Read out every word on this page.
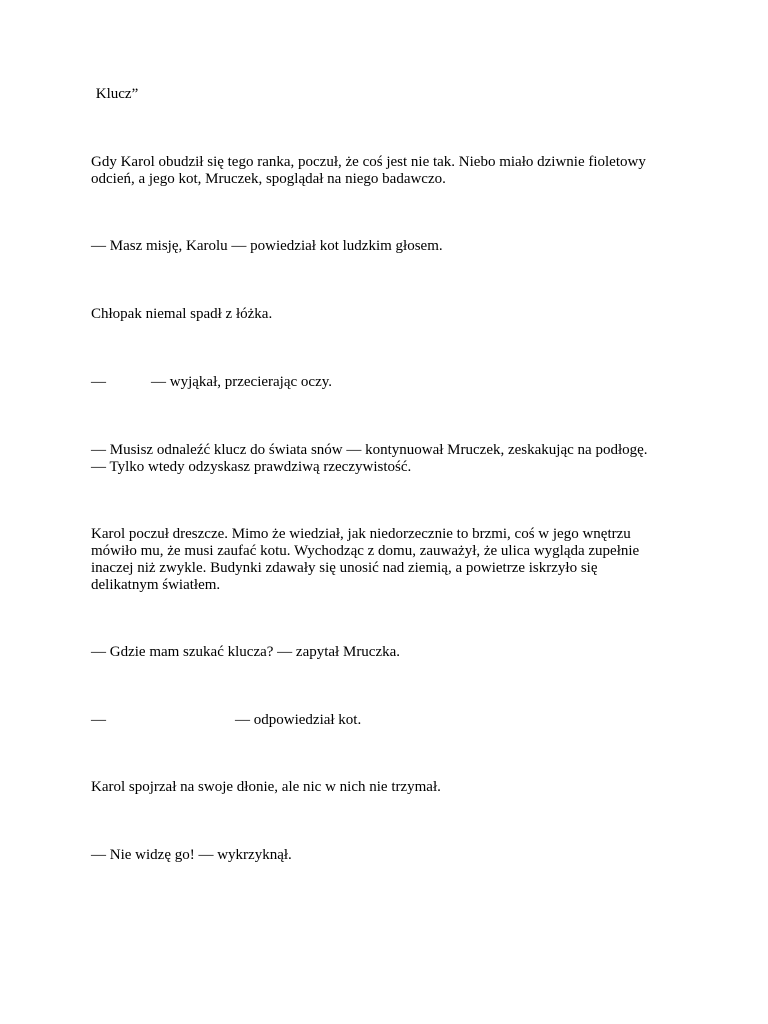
Klucz”

Gdy Karol obudził się tego ranka, poczuł, że coś jest nie tak. Niebo miało dziwnie fioletowy
odcień, a jego kot, Mruczek, spoglądał na niego badawczo.

— Masz misję, Karolu — powiedział kot ludzkim głosem.

Chłopak niemal spadł z łóżka.

—	— wyjąkał, przecierając oczy.

— Musisz odnaleźć klucz do świata snów — kontynuował Mruczek, zeskakując na podłogę.
— Tylko wtedy odzyskasz prawdziwą rzeczywistość.

Karol poczuł dreszcze. Mimo że wiedział, jak niedorzecznie to brzmi, coś w jego wnętrzu
mówiło mu, że musi zaufać kotu. Wychodząc z domu, zauważył, że ulica wygląda zupełnie
inaczej niż zwykle. Budynki zdawały się unosić nad ziemią, a powietrze iskrzyło się
delikatnym światłem.

— Gdzie mam szukać klucza? — zapytał Mruczka.

—	— odpowiedział kot.

Karol spojrzał na swoje dłonie, ale nic w nich nie trzymał.

— Nie widzę go! — wykrzyknął.
